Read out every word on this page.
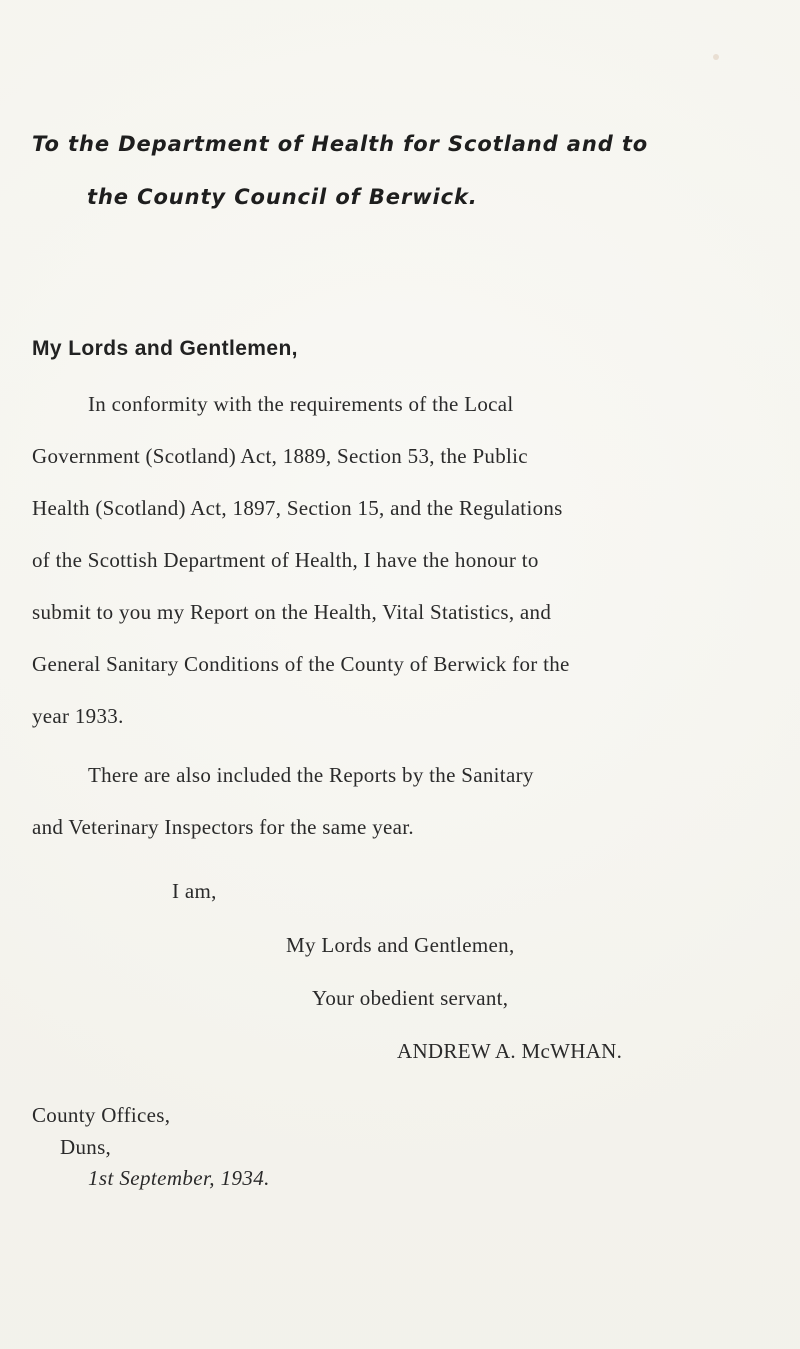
To the Department of Health for Scotland and to
the County Council of Berwick.
My Lords and Gentlemen,
In conformity with the requirements of the Local
Government (Scotland) Act, 1889, Section 53, the Public
Health (Scotland) Act, 1897, Section 15, and the Regulations
of the Scottish Department of Health, I have the honour to
submit to you my Report on the Health, Vital Statistics, and
General Sanitary Conditions of the County of Berwick for the
year 1933.
There are also included the Reports by the Sanitary
and Veterinary Inspectors for the same year.
I am,
My Lords and Gentlemen,
Your obedient servant,
ANDREW A. McWHAN.
County Offices,
Duns,
1st September, 1934.
